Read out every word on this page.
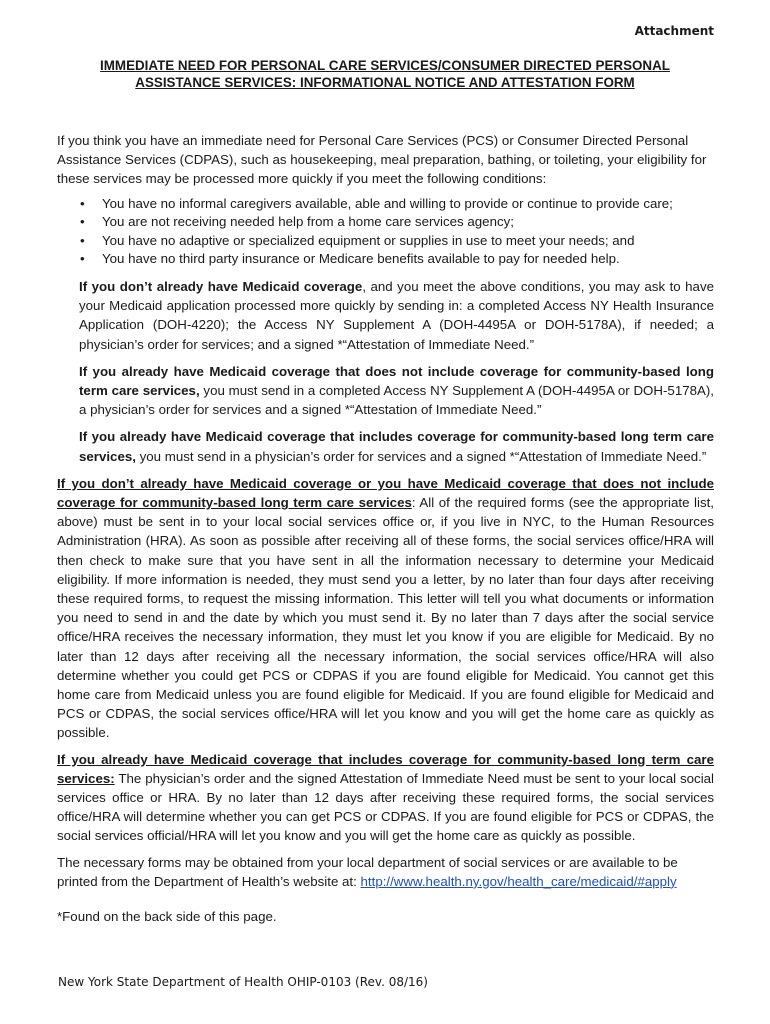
Attachment
IMMEDIATE NEED FOR PERSONAL CARE SERVICES/CONSUMER DIRECTED PERSONAL ASSISTANCE SERVICES: INFORMATIONAL NOTICE AND ATTESTATION FORM

If you think you have an immediate need for Personal Care Services (PCS) or Consumer Directed Personal Assistance Services (CDPAS), such as housekeeping, meal preparation, bathing, or toileting, your eligibility for these services may be processed more quickly if you meet the following conditions:

• You have no informal caregivers available, able and willing to provide or continue to provide care;
• You are not receiving needed help from a home care services agency;
• You have no adaptive or specialized equipment or supplies in use to meet your needs; and
• You have no third party insurance or Medicare benefits available to pay for needed help.

If you don’t already have Medicaid coverage, and you meet the above conditions, you may ask to have your Medicaid application processed more quickly by sending in: a completed Access NY Health Insurance Application (DOH-4220); the Access NY Supplement A (DOH-4495A or DOH-5178A), if needed; a physician’s order for services; and a signed *“Attestation of Immediate Need.”

If you already have Medicaid coverage that does not include coverage for community-based long term care services, you must send in a completed Access NY Supplement A (DOH-4495A or DOH-5178A), a physician’s order for services and a signed *“Attestation of Immediate Need.”

If you already have Medicaid coverage that includes coverage for community-based long term care services, you must send in a physician’s order for services and a signed *“Attestation of Immediate Need.”

If you don’t already have Medicaid coverage or you have Medicaid coverage that does not include coverage for community-based long term care services: All of the required forms (see the appropriate list, above) must be sent in to your local social services office or, if you live in NYC, to the Human Resources Administration (HRA). As soon as possible after receiving all of these forms, the social services office/HRA will then check to make sure that you have sent in all the information necessary to determine your Medicaid eligibility. If more information is needed, they must send you a letter, by no later than four days after receiving these required forms, to request the missing information. This letter will tell you what documents or information you need to send in and the date by which you must send it. By no later than 7 days after the social service office/HRA receives the necessary information, they must let you know if you are eligible for Medicaid. By no later than 12 days after receiving all the necessary information, the social services office/HRA will also determine whether you could get PCS or CDPAS if you are found eligible for Medicaid. You cannot get this home care from Medicaid unless you are found eligible for Medicaid. If you are found eligible for Medicaid and PCS or CDPAS, the social services office/HRA will let you know and you will get the home care as quickly as possible.

If you already have Medicaid coverage that includes coverage for community-based long term care services: The physician’s order and the signed Attestation of Immediate Need must be sent to your local social services office or HRA. By no later than 12 days after receiving these required forms, the social services office/HRA will determine whether you can get PCS or CDPAS. If you are found eligible for PCS or CDPAS, the social services official/HRA will let you know and you will get the home care as quickly as possible.

The necessary forms may be obtained from your local department of social services or are available to be printed from the Department of Health’s website at: http://www.health.ny.gov/health_care/medicaid/#apply

*Found on the back side of this page.

New York State Department of Health OHIP-0103 (Rev. 08/16)
